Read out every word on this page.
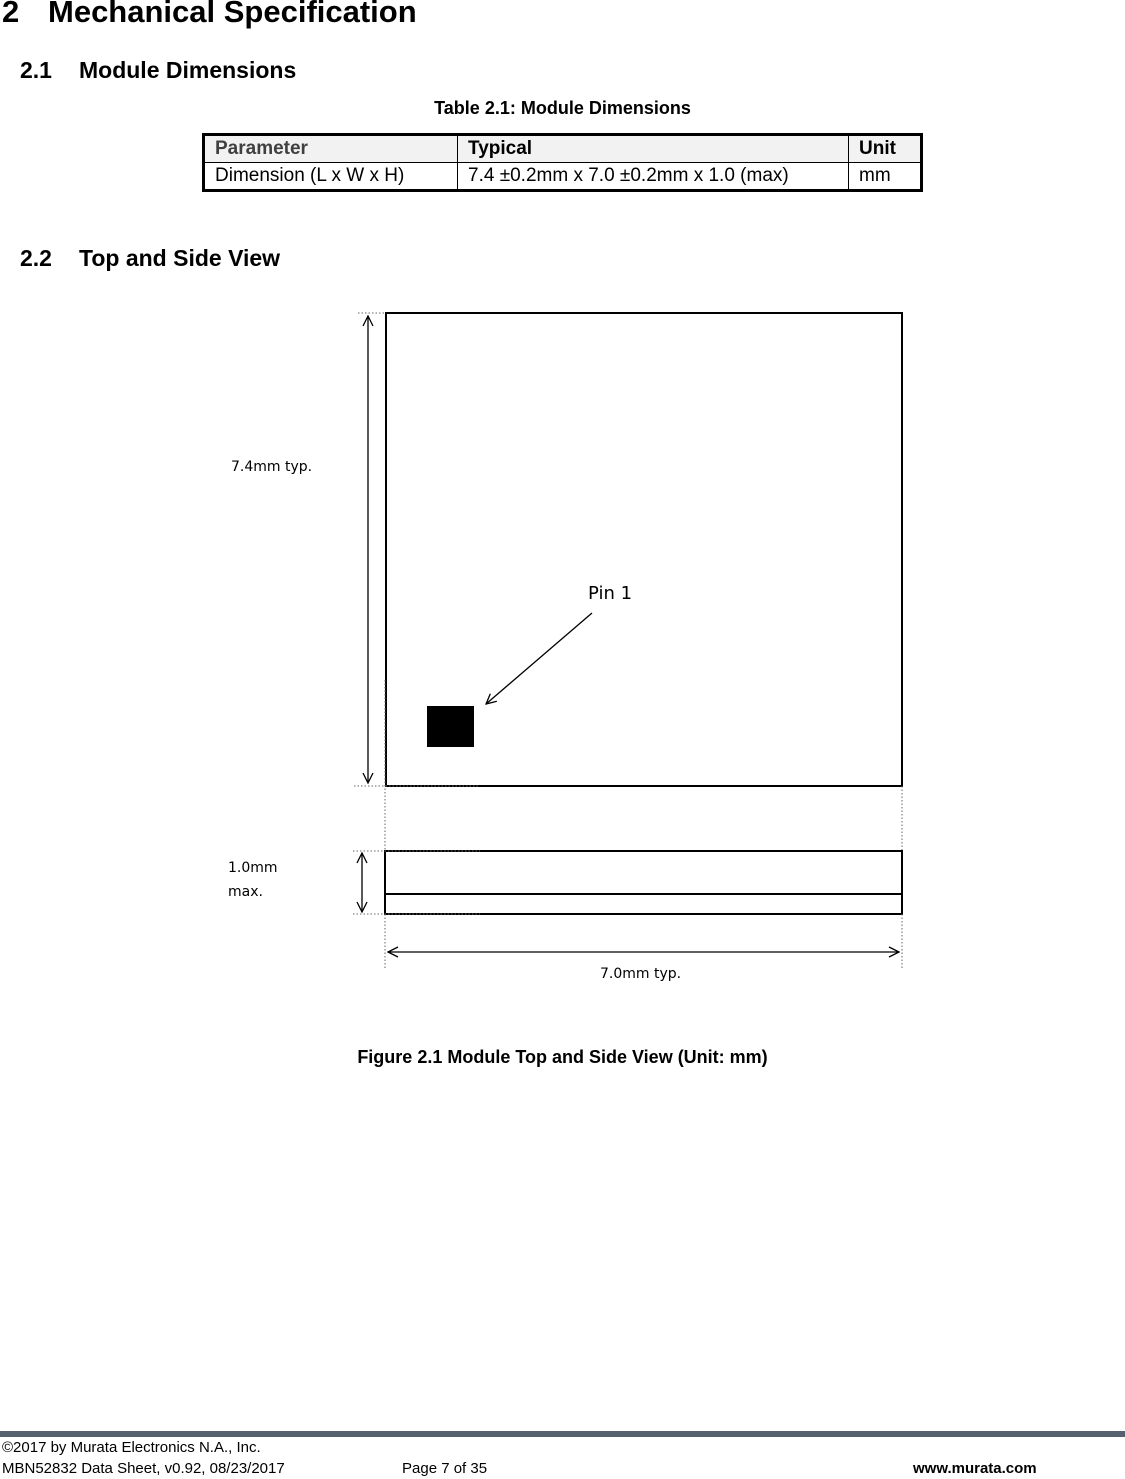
2 Mechanical Specification
2.1 Module Dimensions
Table 2.1: Module Dimensions
Parameter	Typical	Unit
Dimension (L x W x H)	7.4 ±0.2mm x 7.0 ±0.2mm x 1.0 (max)	mm
2.2 Top and Side View
Pin 1
7.4mm typ.
1.0mm
max.
7.0mm typ.
Figure 2.1 Module Top and Side View (Unit: mm)
©2017 by Murata Electronics N.A., Inc.
MBN52832 Data Sheet, v0.92, 08/23/2017	Page 7 of 35	www.murata.com
